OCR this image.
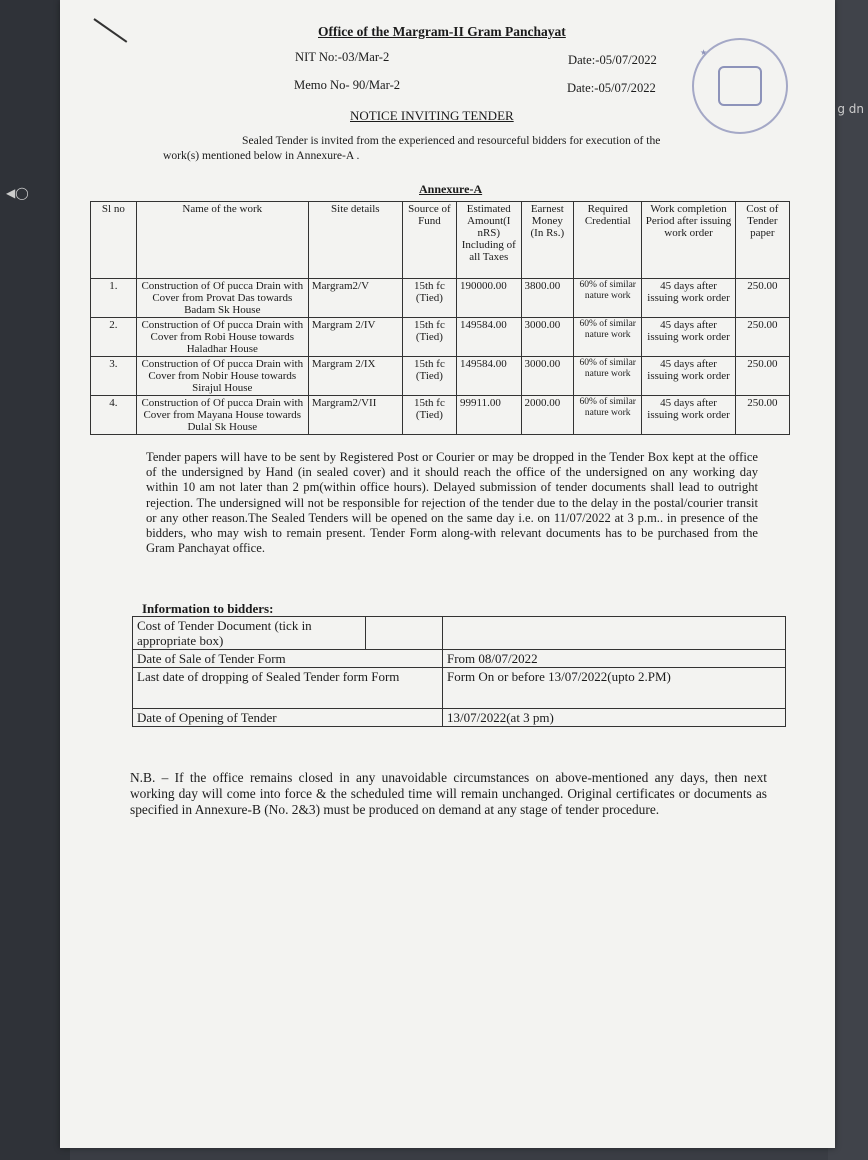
◀︎◯
g dn
Office of the Margram-II Gram Panchayat
NIT No:-03/Mar-2	Date:-05/07/2022
Memo No- 90/Mar-2	Date:-05/07/2022
NOTICE INVITING TENDER
★
Sealed Tender is invited from the experienced and resourceful bidders for execution of the
work(s) mentioned below in Annexure-A .
Annexure-A
Sl no	Name of the work	Site details	Source of Fund	Estimated Amount(I nRS) Including of all Taxes	Earnest Money (In Rs.)	Required Credential	Work completion Period after issuing work order	Cost of Tender paper
1.	Construction of Of pucca Drain with Cover from Provat Das towards Badam Sk House	Margram2/V	15th fc (Tied)	190000.00	3800.00	60% of similar nature work	45 days after issuing work order	250.00
2.	Construction of Of pucca Drain with Cover from Robi House towards Haladhar House	Margram 2/IV	15th fc (Tied)	149584.00	3000.00	60% of similar nature work	45 days after issuing work order	250.00
3.	Construction of Of pucca Drain with Cover from Nobir House towards Sirajul House	Margram 2/IX	15th fc (Tied)	149584.00	3000.00	60% of similar nature work	45 days after issuing work order	250.00
4.	Construction of Of pucca Drain with Cover from Mayana House towards Dulal Sk House	Margram2/VII	15th fc (Tied)	99911.00	2000.00	60% of similar nature work	45 days after issuing work order	250.00
Tender papers will have to be sent by Registered Post or Courier or may be dropped in the Tender Box kept at the office of the undersigned by Hand (in sealed cover) and it should reach the office of the undersigned on any working day within 10 am not later than 2 pm(within office hours). Delayed submission of tender documents shall lead to outright rejection. The undersigned will not be responsible for rejection of the tender due to the delay in the postal/courier transit or any other reason.The Sealed Tenders will be opened on the same day i.e. on 11/07/2022 at 3 p.m.. in presence of the bidders, who may wish to remain present. Tender Form along-with relevant documents has to be purchased from the Gram Panchayat office.
Information to bidders:
Cost of Tender Document (tick in appropriate box)		
Date of Sale of Tender Form		From 08/07/2022
Last date of dropping of Sealed Tender form Form		Form On or before 13/07/2022(upto 2.PM)
Date of Opening of Tender		13/07/2022(at 3 pm)
N.B. – If the office remains closed in any unavoidable circumstances on above-mentioned any days, then next working day will come into force & the scheduled time will remain unchanged. Original certificates or documents as specified in Annexure-B (No. 2&3) must be produced on demand at any stage of tender procedure.
